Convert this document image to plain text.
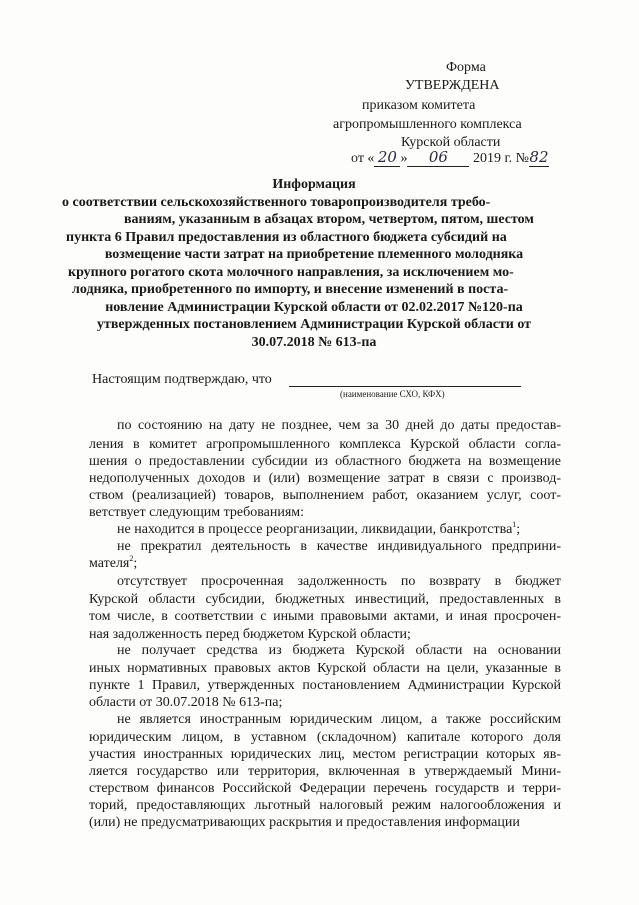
Форма
УТВЕРЖДЕНА
приказом комитета
агропромышленного комплекса
Курской области
от « 20 » 06 2019 г. №82
Информация
о соответствии сельскохозяйственного товаропроизводителя требо-
ваниям, указанным в абзацах втором, четвертом, пятом, шестом
пункта 6 Правил предоставления из областного бюджета субсидий на
возмещение части затрат на приобретение племенного молодняка
крупного рогатого скота молочного направления, за исключением мо-
лодняка, приобретенного по импорту, и внесение изменений в поста-
новление Администрации Курской области от 02.02.2017 №120-па
утвержденных постановлением Администрации Курской области от
30.07.2018 № 613-па
Настоящим подтверждаю, что
(наименование СХО, КФХ)
по состоянию на дату не позднее, чем за 30 дней до даты предостав-
ления в комитет агропромышленного комплекса Курской области согла-
шения о предоставлении субсидии из областного бюджета на возмещение
недополученных доходов и (или) возмещение затрат в связи с производ-
ством (реализацией) товаров, выполнением работ, оказанием услуг, соот-
ветствует следующим требованиям:
не находится в процессе реорганизации, ликвидации, банкротства$^1$;
не прекратил деятельность в качестве индивидуального предприни-
мателя$^2$;
отсутствует просроченная задолженность по возврату в бюджет
Курской области субсидии, бюджетных инвестиций, предоставленных в
том числе, в соответствии с иными правовыми актами, и иная просрочен-
ная задолженность перед бюджетом Курской области;
не получает средства из бюджета Курской области на основании
иных нормативных правовых актов Курской области на цели, указанные в
пункте 1 Правил, утвержденных постановлением Администрации Курской
области от 30.07.2018 № 613-па;
не является иностранным юридическим лицом, а также российским
юридическим лицом, в уставном (складочном) капитале которого доля
участия иностранных юридических лиц, местом регистрации которых яв-
ляется государство или территория, включенная в утверждаемый Мини-
стерством финансов Российской Федерации перечень государств и терри-
торий, предоставляющих льготный налоговый режим налогообложения и
(или) не предусматривающих раскрытия и предоставления информации
